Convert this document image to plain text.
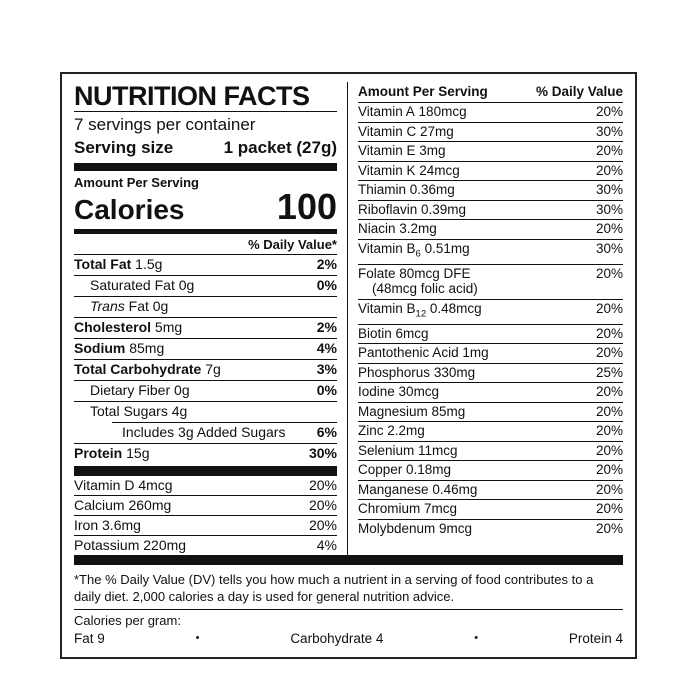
NUTRITION FACTS
7 servings per container
Serving size	1 packet (27g)
Amount Per Serving
Calories	100
% Daily Value*
Total Fat 1.5g	2%
Saturated Fat 0g	0%
Trans Fat 0g
Cholesterol 5mg	2%
Sodium 85mg	4%
Total Carbohydrate 7g	3%
Dietary Fiber 0g	0%
Total Sugars 4g
Includes 3g Added Sugars 6%
Protein 15g	30%
Vitamin D 4mcg	20%
Calcium 260mg	20%
Iron 3.6mg	20%
Potassium 220mg	4%
Amount Per Serving	% Daily Value
Vitamin A 180mcg	20%
Vitamin C 27mg	30%
Vitamin E 3mg	20%
Vitamin K 24mcg	20%
Thiamin 0.36mg	30%
Riboflavin 0.39mg	30%
Niacin 3.2mg	20%
Vitamin $B_6$ 0.51mg	30%
Folate 80mcg DFE	20%
(48mcg folic acid)
Vitamin $B_{12}$ 0.48mcg	20%
Biotin 6mcg	20%
Pantothenic Acid 1mg	20%
Phosphorus 330mg	25%
Iodine 30mcg	20%
Magnesium 85mg	20%
Zinc 2.2mg	20%
Selenium 11mcg	20%
Copper 0.18mg	20%
Manganese 0.46mg	20%
Chromium 7mcg	20%
Molybdenum 9mcg	20%
*The % Daily Value (DV) tells you how much a nutrient in a serving of food contributes to a daily diet. 2,000 calories a day is used for general nutrition advice.
Calories per gram:
Fat 9	•	Carbohydrate 4	•	Protein 4
